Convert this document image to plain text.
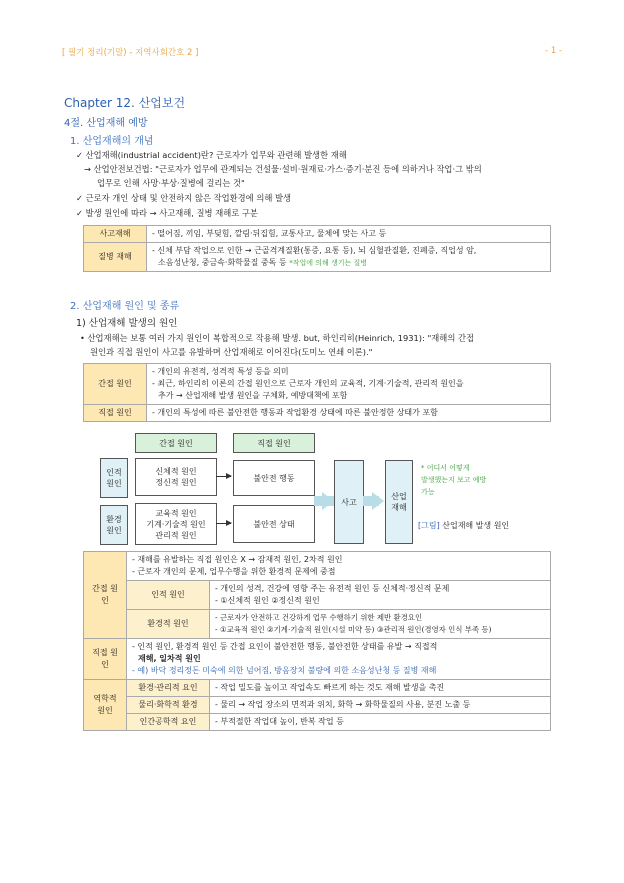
[ 필기 정리(기말) - 지역사회간호 2 ]	- 1 -
Chapter 12. 산업보건
4절. 산업재해 예방
1. 산업재해의 개념
✓ 산업재해(industrial accident)란? 근로자가 업무와 관련해 발생한 재해
→ 산업안전보건법: "근로자가 업무에 관계되는 건설물·설비·원재료·가스·증기·분진 등에 의하거나 작업·그 밖의
업무로 인해 사망·부상·질병에 걸리는 것"
✓ 근로자 개인 상태 및 안전하지 않은 작업환경에 의해 발생
✓ 발생 원인에 따라 → 사고재해, 질병 재해로 구분
사고재해	- 떨어짐, 끼임, 부딪힘, 깔림·뒤집힘, 교통사고, 물체에 맞는 사고 등
질병 재해	- 신체 부담 작업으로 인한 → 근골격계질환(통증, 요통 등), 뇌 심혈관질환, 진폐증, 직업성 암,
소음성난청, 중금속·화학물질 중독 등 *작업에 의해 생기는 질병
2. 산업재해 원인 및 종류
1) 산업재해 발생의 원인
• 산업재해는 보통 여러 가지 원인이 복합적으로 작용해 발생. but, 하인리히(Heinrich, 1931): "재해의 간접
원인과 직접 원인이 사고를 유발하며 산업재해로 이어진다(도미노 연쇄 이론)."
간접 원인	- 개인의 유전적, 성격적 특성 등을 의미
- 최근, 하인리히 이론의 간접 원인으로 근로자 개인의 교육적, 기계·기술적, 관리적 원인을
추가 → 산업재해 발생 원인을 구체화, 예방대책에 포함

직접 원인	- 개인의 특성에 따른 불안전한 행동과 작업환경 상태에 따른 불안정한 상태가 포함
간접 원인	직접 원인
인적 원인
환경 원인
신체적 원인
정신적 원인
교육적 원인
기계·기술적 원인
관리적 원인
불안전 행동
불안전 상태
사고
산업
재해
* 어디서 어떻게
발생했는지 보고 예방
가능
[그림] 산업재해 발생 원인
간접 원인	- 재해를 유발하는 직접 원인은 X → 잠재적 원인, 2차적 원인
- 근로자 개인의 문제, 업무수행을 위한 환경적 문제에 중점	

	인적 원인	- 개인의 성격, 건강에 영향 주는 유전적 원인 등 신체적·정신적 문제
- ①신체적 원인 ②정신적 원인

	환경적 원인	- 근로자가 안전하고 건강하게 업무 수행하기 위한 제반 환경요인
- ①교육적 원인 ②기계·기술적 원인(시설 미약 등) ③관리적 원인(경영자 인식 부족 등)

직접 원인	- 인적 원인, 환경적 원인 등 간접 요인이 불안전한 행동, 불안전한 상태를 유발 → 직접적
재해, 일차적 원인
- 예) 바닥 정리정돈 미숙에 의한 넘어짐, 방음장치 불량에 의한 소음성난청 등 질병 재해	

역학적 원인	환경·관리적 요인	- 작업 밀도를 높이고 작업속도 빠르게 하는 것도 재해 발생을 촉진
	물리·화학적 환경	- 물리 → 작업 장소의 면적과 위치, 화학 → 화학물질의 사용, 분진 노출 등
	인간공학적 요인	- 부적절한 작업대 높이, 반복 작업 등
